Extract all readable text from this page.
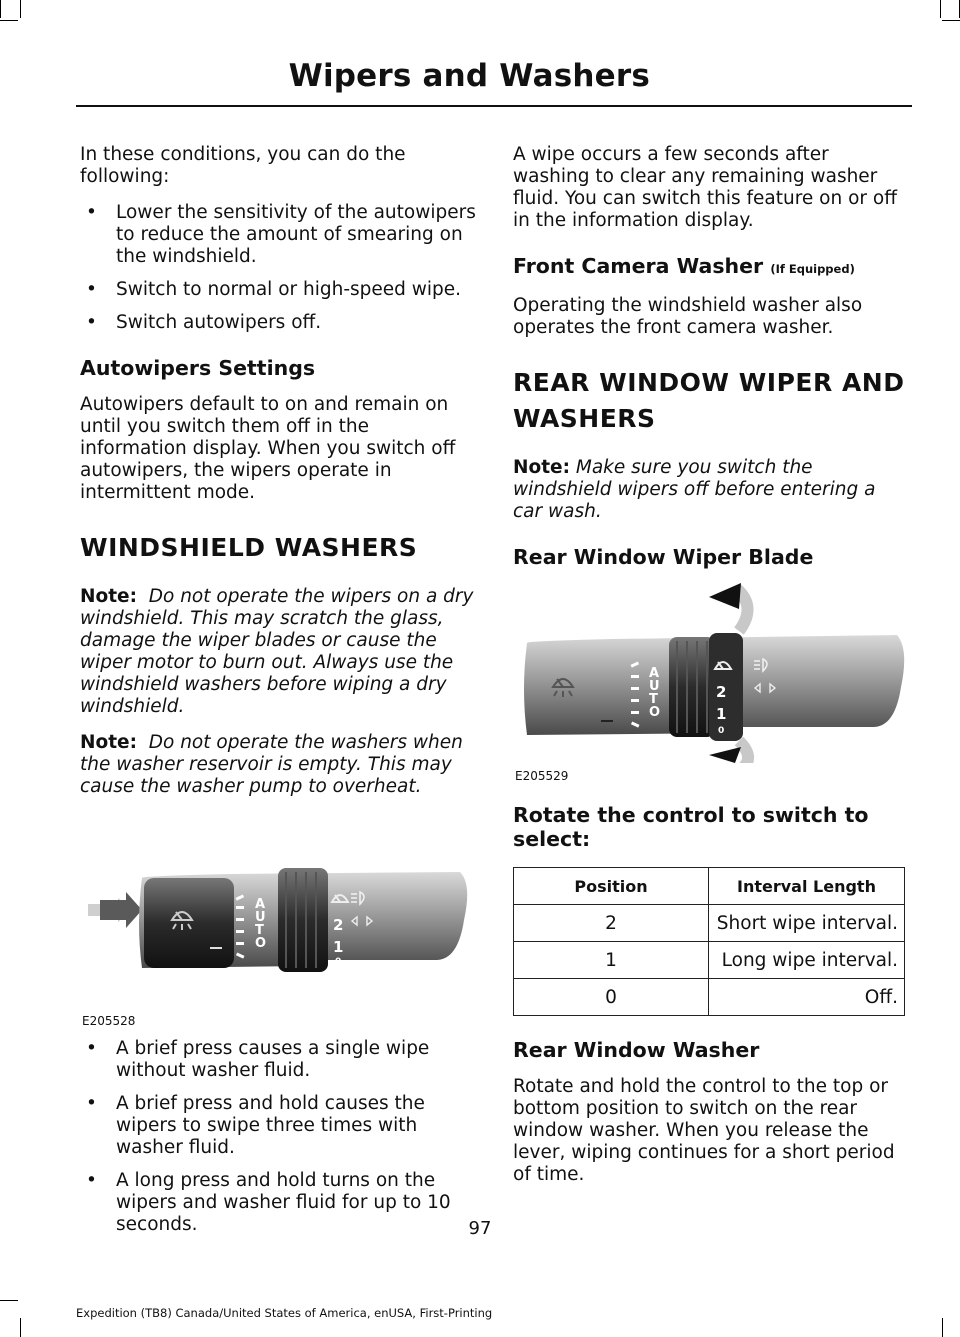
Wipers and Washers

In these conditions, you can do the following:

• Lower the sensitivity of the autowipers to reduce the amount of smearing on the windshield.
• Switch to normal or high-speed wipe.
• Switch autowipers off.
Autowipers Settings

Autowipers default to on and remain on until you switch them off in the information display. When you switch off autowipers, the wipers operate in intermittent mode.

WINDSHIELD WASHERS

Note: Do not operate the wipers on a dry windshield. This may scratch the glass, damage the wiper blades or cause the wiper motor to burn out. Always use the windshield washers before wiping a dry windshield.

Note: Do not operate the washers when the washer reservoir is empty. This may cause the washer pump to overheat.

A
U
T
O
2
1
0
E205528
• A brief press causes a single wipe without washer fluid.
• A brief press and hold causes the wipers to swipe three times with washer fluid.
• A long press and hold turns on the wipers and washer fluid for up to 10 seconds.

A wipe occurs a few seconds after washing to clear any remaining washer fluid. You can switch this feature on or off in the information display.

Front Camera Washer (If Equipped)

Operating the windshield washer also operates the front camera washer.

REAR WINDOW WIPER AND WASHERS

Note: Make sure you switch the windshield wipers off before entering a car wash.

Rear Window Wiper Blade
A
U
T
O
2
1
0
E205529
Rotate the control to switch to select:
Position	Interval Length
2	Short wipe interval.
1	Long wipe interval.
0	Off.
Rear Window Washer

Rotate and hold the control to the top or bottom position to switch on the rear window washer. When you release the lever, wiping continues for a short period of time.

97
Expedition (TB8) Canada/United States of America, enUSA, First-Printing
